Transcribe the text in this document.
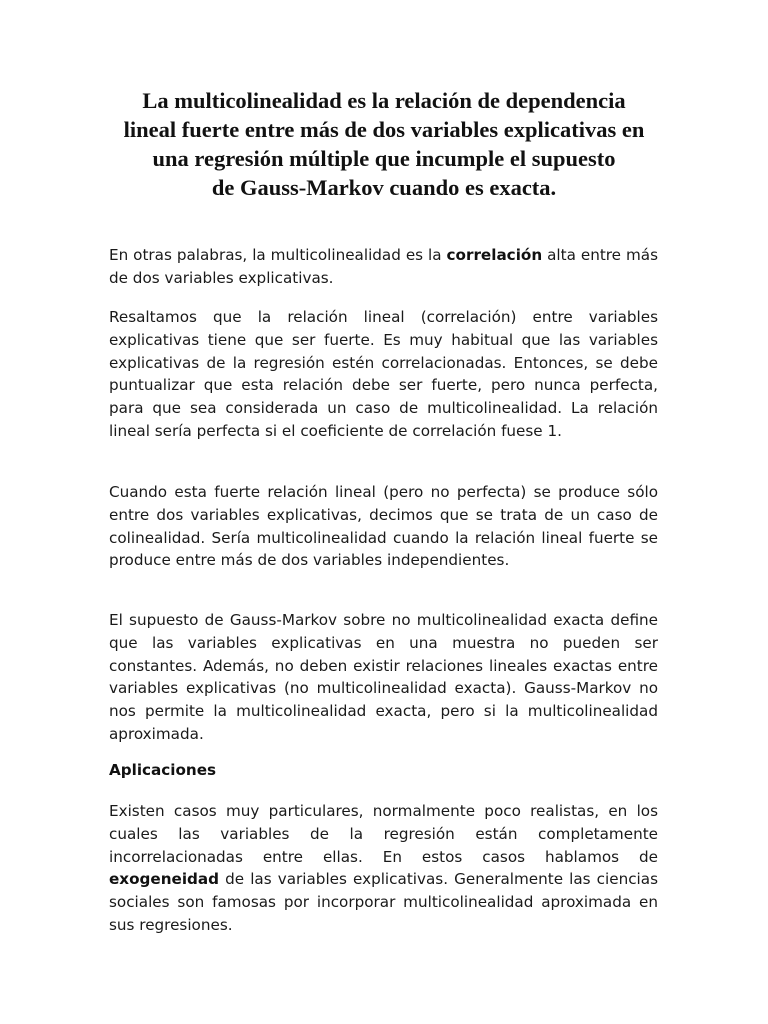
La multicolinealidad es la relación de dependencia
lineal fuerte entre más de dos variables explicativas en
una regresión múltiple que incumple el supuesto
de Gauss-Markov cuando es exacta.

En otras palabras, la multicolinealidad es la correlación alta entre más de dos variables explicativas.

Resaltamos que la relación lineal (correlación) entre variables explicativas tiene que ser fuerte. Es muy habitual que las variables explicativas de la regresión estén correlacionadas. Entonces, se debe puntualizar que esta relación debe ser fuerte, pero nunca perfecta, para que sea considerada un caso de multicolinealidad. La relación lineal sería perfecta si el coeficiente de correlación fuese 1.

Cuando esta fuerte relación lineal (pero no perfecta) se produce sólo entre dos variables explicativas, decimos que se trata de un caso de colinealidad. Sería multicolinealidad cuando la relación lineal fuerte se produce entre más de dos variables independientes.

El supuesto de Gauss-Markov sobre no multicolinealidad exacta define que las variables explicativas en una muestra no pueden ser constantes. Además, no deben existir relaciones lineales exactas entre variables explicativas (no multicolinealidad exacta). Gauss-Markov no nos permite la multicolinealidad exacta, pero si la multicolinealidad aproximada.

Aplicaciones

Existen casos muy particulares, normalmente poco realistas, en los cuales las variables de la regresión están completamente incorrelacionadas entre ellas. En estos casos hablamos de exogeneidad de las variables explicativas. Generalmente las ciencias sociales son famosas por incorporar multicolinealidad aproximada en sus regresiones.
